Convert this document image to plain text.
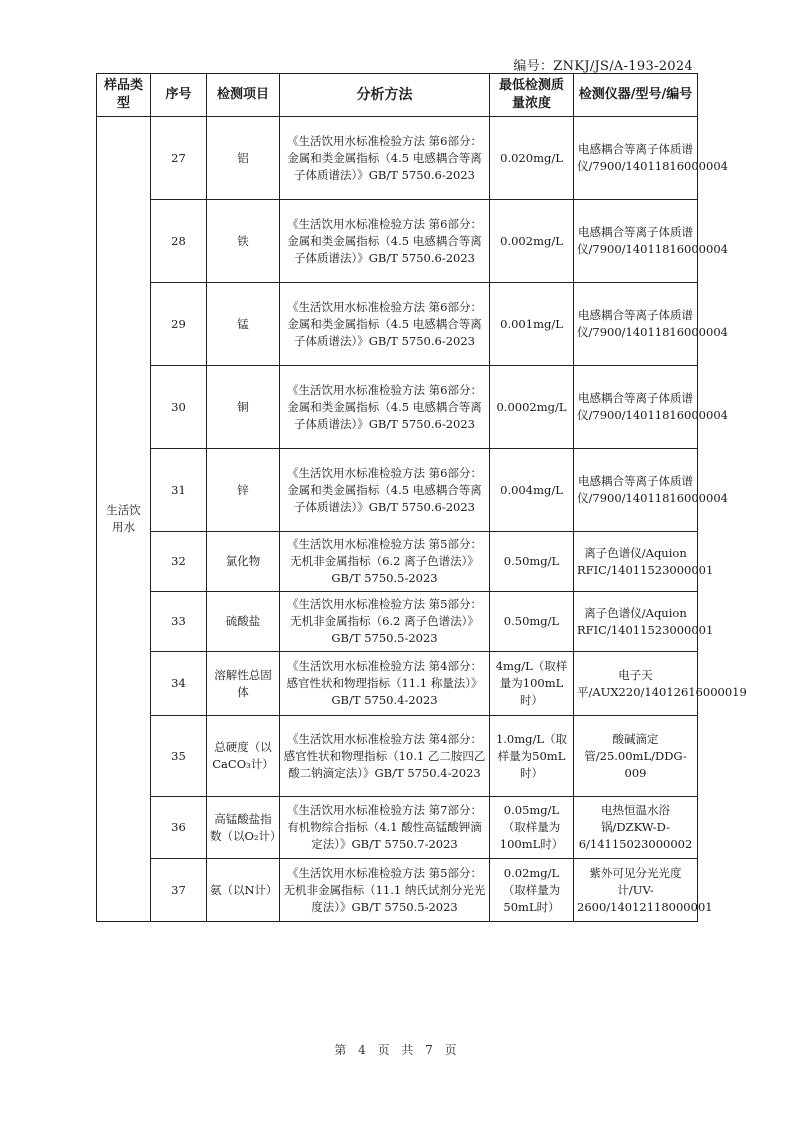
编号：ZNKJ/JS/A-193-2024
样品类型	序号	检测项目	分析方法	最低检测质量浓度	检测仪器/型号/编号
生活饮用水	27	铝	《生活饮用水标准检验方法 第6部分：金属和类金属指标（4.5 电感耦合等离子体质谱法）》GB/T 5750.6-2023	0.020mg/L	电感耦合等离子体质谱仪/7900/14011816000004
	28	铁	《生活饮用水标准检验方法 第6部分：金属和类金属指标（4.5 电感耦合等离子体质谱法）》GB/T 5750.6-2023	0.002mg/L	电感耦合等离子体质谱仪/7900/14011816000004
	29	锰	《生活饮用水标准检验方法 第6部分：金属和类金属指标（4.5 电感耦合等离子体质谱法）》GB/T 5750.6-2023	0.001mg/L	电感耦合等离子体质谱仪/7900/14011816000004
	30	铜	《生活饮用水标准检验方法 第6部分：金属和类金属指标（4.5 电感耦合等离子体质谱法）》GB/T 5750.6-2023	0.0002mg/L	电感耦合等离子体质谱仪/7900/14011816000004
	31	锌	《生活饮用水标准检验方法 第6部分：金属和类金属指标（4.5 电感耦合等离子体质谱法）》GB/T 5750.6-2023	0.004mg/L	电感耦合等离子体质谱仪/7900/14011816000004
	32	氯化物	《生活饮用水标准检验方法 第5部分：无机非金属指标（6.2 离子色谱法）》GB/T 5750.5-2023	0.50mg/L	离子色谱仪/Aquion RFIC/14011523000001
	33	硫酸盐	《生活饮用水标准检验方法 第5部分：无机非金属指标（6.2 离子色谱法）》GB/T 5750.5-2023	0.50mg/L	离子色谱仪/Aquion RFIC/14011523000001
	34	溶解性总固体	《生活饮用水标准检验方法 第4部分：感官性状和物理指标（11.1 称量法）》GB/T 5750.4-2023	4mg/L（取样量为100mL时）	电子天平/AUX220/14012616000019
	35	总硬度（以CaCO₃计）	《生活饮用水标准检验方法 第4部分：感官性状和物理指标（10.1 乙二胺四乙酸二钠滴定法）》GB/T 5750.4-2023	1.0mg/L（取样量为50mL时）	酸碱滴定管/25.00mL/DDG-009
	36	高锰酸盐指数（以O₂计）	《生活饮用水标准检验方法 第7部分：有机物综合指标（4.1 酸性高锰酸钾滴定法）》GB/T 5750.7-2023	0.05mg/L（取样量为100mL时）	电热恒温水浴锅/DZKW-D-6/14115023000002
	37	氨（以N计）	《生活饮用水标准检验方法 第5部分：无机非金属指标（11.1 纳氏试剂分光光度法）》GB/T 5750.5-2023	0.02mg/L（取样量为50mL时）	紫外可见分光光度计/UV-2600/14012118000001
第 4 页 共 7 页
